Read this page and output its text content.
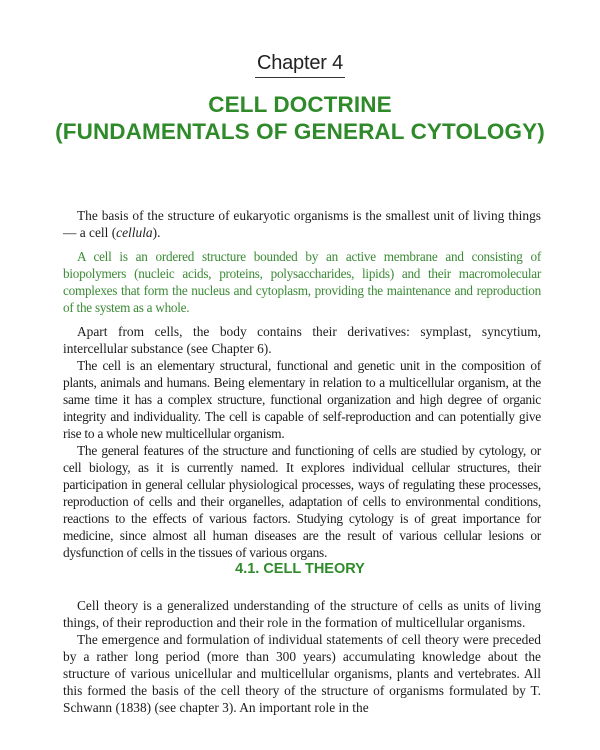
Chapter 4
CELL DOCTRINE
(FUNDAMENTALS OF GENERAL CYTOLOGY)

The basis of the structure of eukaryotic organisms is the smallest unit of living things — a cell (cellula).

A cell is an ordered structure bounded by an active membrane and consisting of biopolymers (nucleic acids, proteins, polysaccharides, lipids) and their macromolecular complexes that form the nucleus and cytoplasm, providing the maintenance and reproduction of the system as a whole.

Apart from cells, the body contains their derivatives: symplast, syncytium, intercellular substance (see Chapter 6).

The cell is an elementary structural, functional and genetic unit in the composition of plants, animals and humans. Being elementary in relation to a multicellular organism, at the same time it has a complex structure, functional organization and high degree of organic integrity and individuality. The cell is capable of self-reproduction and can potentially give rise to a whole new multicellular organism.

The general features of the structure and functioning of cells are studied by cytology, or cell biology, as it is currently named. It explores individual cellular structures, their participation in general cellular physiological processes, ways of regulating these processes, reproduction of cells and their organelles, adaptation of cells to environmental conditions, reactions to the effects of various factors. Studying cytology is of great importance for medicine, since almost all human diseases are the result of various cellular lesions or dysfunction of cells in the tissues of various organs.

4.1. CELL THEORY

Cell theory is a generalized understanding of the structure of cells as units of living things, of their reproduction and their role in the formation of multicellular organisms.

The emergence and formulation of individual statements of cell theory were preceded by a rather long period (more than 300 years) accumulating knowledge about the structure of various unicellular and multicellular organisms, plants and vertebrates. All this formed the basis of the cell theory of the structure of organisms formulated by T. Schwann (1838) (see chapter 3). An important role in the
